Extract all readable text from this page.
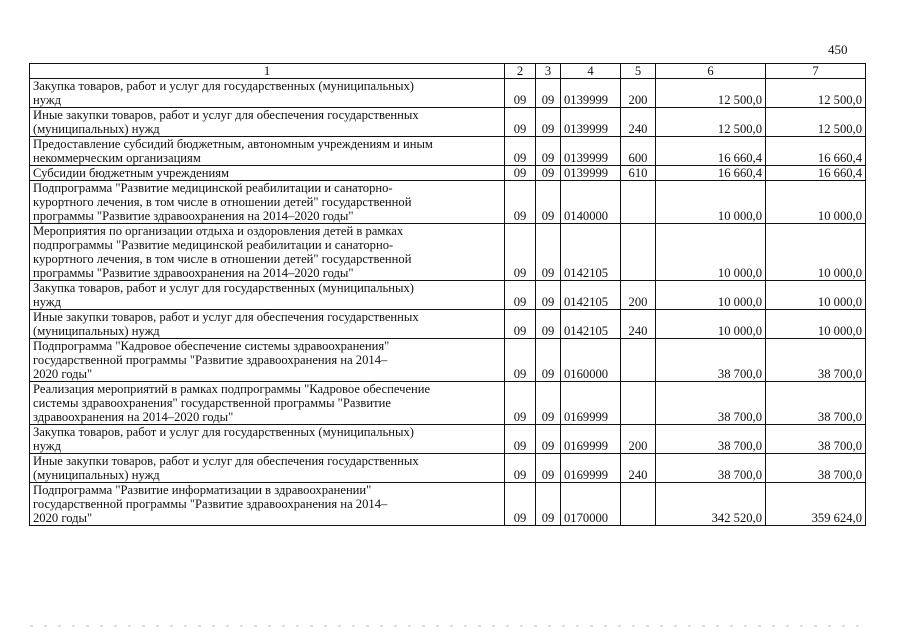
450
1	2	3	4	5	6	7

Закупка товаров, работ и услуг для государственных (муниципальных)
нужд	09	09	0139999	200	12 500,0	12 500,0

Иные закупки товаров, работ и услуг для обеспечения государственных
(муниципальных) нужд	09	09	0139999	240	12 500,0	12 500,0

Предоставление субсидий бюджетным, автономным учреждениям и иным
некоммерческим организациям	09	09	0139999	600	16 660,4	16 660,4

Субсидии бюджетным учреждениям	09	09	0139999	610	16 660,4	16 660,4

Подпрограмма "Развитие медицинской реабилитации и санаторно-
курортного лечения, в том числе в отношении детей" государственной
программы "Развитие здравоохранения на 2014–2020 годы"	09	09	0140000		10 000,0	10 000,0

Мероприятия по организации отдыха и оздоровления детей в рамках
подпрограммы "Развитие медицинской реабилитации и санаторно-
курортного лечения, в том числе в отношении детей" государственной
программы "Развитие здравоохранения на 2014–2020 годы"	09	09	0142105		10 000,0	10 000,0

Закупка товаров, работ и услуг для государственных (муниципальных)
нужд	09	09	0142105	200	10 000,0	10 000,0

Иные закупки товаров, работ и услуг для обеспечения государственных
(муниципальных) нужд	09	09	0142105	240	10 000,0	10 000,0

Подпрограмма "Кадровое обеспечение системы здравоохранения"
государственной программы "Развитие здравоохранения на 2014–
2020 годы"	09	09	0160000		38 700,0	38 700,0

Реализация мероприятий в рамках подпрограммы "Кадровое обеспечение
системы здравоохранения" государственной программы "Развитие
здравоохранения на 2014–2020 годы"	09	09	0169999		38 700,0	38 700,0

Закупка товаров, работ и услуг для государственных (муниципальных)
нужд	09	09	0169999	200	38 700,0	38 700,0

Иные закупки товаров, работ и услуг для обеспечения государственных
(муниципальных) нужд	09	09	0169999	240	38 700,0	38 700,0

Подпрограмма "Развитие информатизации в здравоохранении"
государственной программы "Развитие здравоохранения на 2014–
2020 годы"	09	09	0170000		342 520,0	359 624,0
